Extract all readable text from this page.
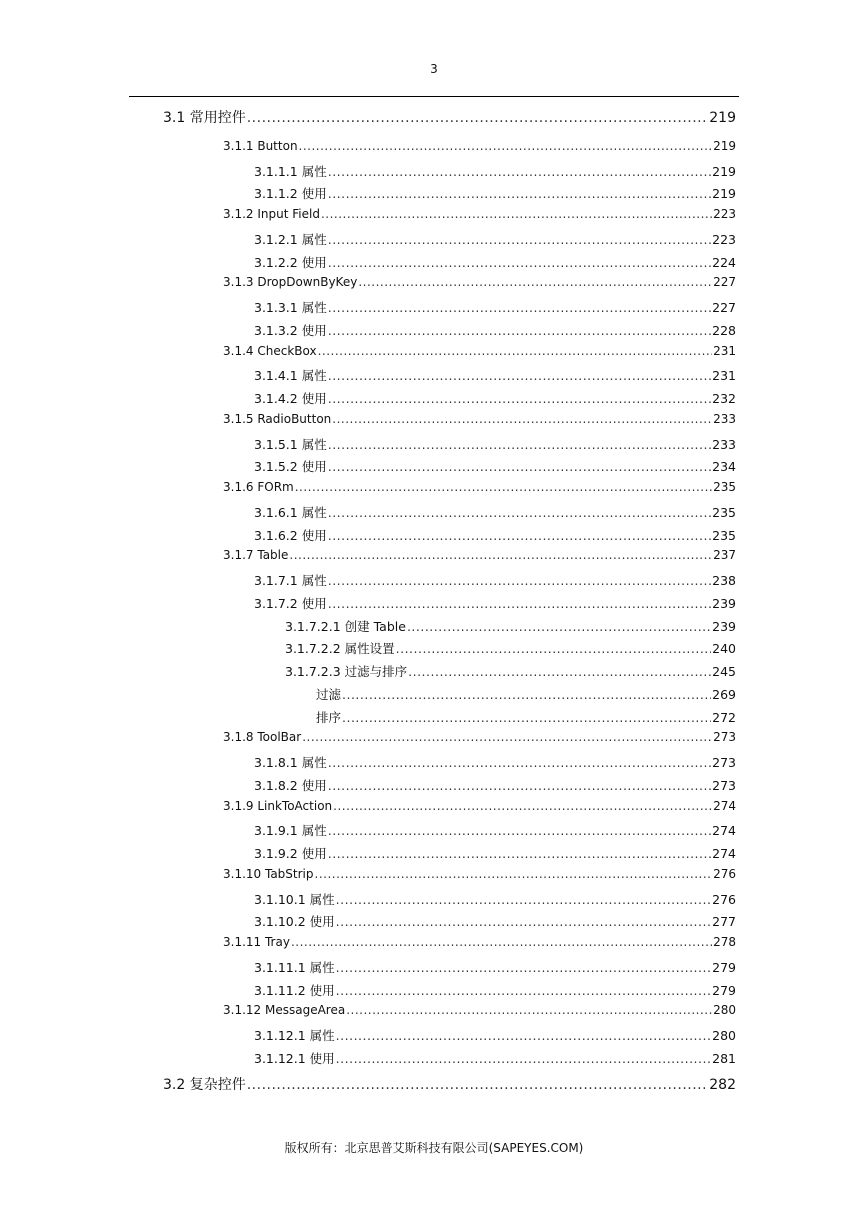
3
3.1 常用控件 .....	219
3.1.1 Button .....	219
3.1.1.1 属性 .....	219
3.1.1.2 使用 .....	219
3.1.2 Input Field .....	223
3.1.2.1 属性 .....	223
3.1.2.2 使用 .....	224
3.1.3 DropDownByKey .....	227
3.1.3.1 属性 .....	227
3.1.3.2 使用 .....	228
3.1.4 CheckBox .....	231
3.1.4.1 属性 .....	231
3.1.4.2 使用 .....	232
3.1.5 RadioButton .....	233
3.1.5.1 属性 .....	233
3.1.5.2 使用 .....	234
3.1.6 FORm .....	235
3.1.6.1 属性 .....	235
3.1.6.2 使用 .....	235
3.1.7 Table .....	237
3.1.7.1 属性 .....	238
3.1.7.2 使用 .....	239
3.1.7.2.1 创建 Table .....	239
3.1.7.2.2 属性设置 .....	240
3.1.7.2.3 过滤与排序 .....	245
过滤 .....	269
排序 .....	272
3.1.8 ToolBar .....	273
3.1.8.1 属性 .....	273
3.1.8.2 使用 .....	273
3.1.9 LinkToAction .....	274
3.1.9.1 属性 .....	274
3.1.9.2 使用 .....	274
3.1.10 TabStrip .....	276
3.1.10.1 属性 .....	276
3.1.10.2 使用 .....	277
3.1.11 Tray .....	278
3.1.11.1 属性 .....	279
3.1.11.2 使用 .....	279
3.1.12 MessageArea .....	280
3.1.12.1 属性 .....	280
3.1.12.1 使用 .....	281
3.2 复杂控件 .....	282
版权所有：北京思普艾斯科技有限公司(SAPEYES.COM)
